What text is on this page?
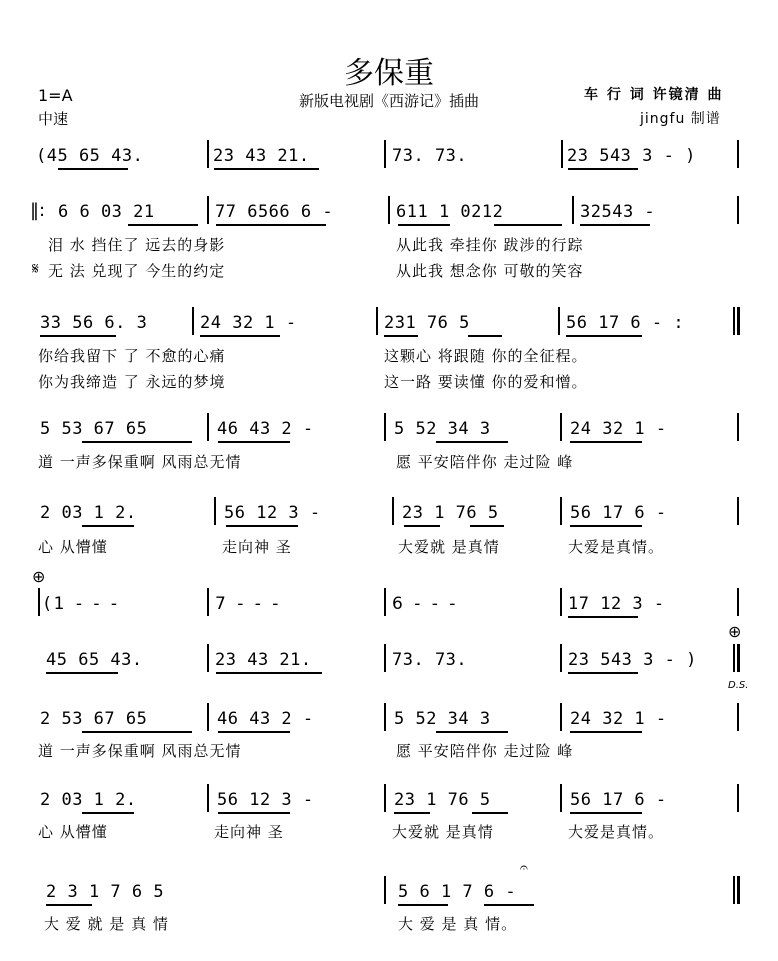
多保重
新版电视剧《西游记》插曲
1=A
中速
车 行 词 许镜清 曲
jingfu 制谱
(45 65 43.	23 43 21.	73. 73.	23 543 3 - )
‖: 6 6 03 21	77 6566 6 -	611 1 0212	32543 -
泪 水 挡住了 远去的身影	从此我 牵挂你 跋涉的行踪
𝄋 无 法 兑现了 今生的约定	从此我 想念你 可敬的笑容
33 56 6. 3	24 32 1 -	231 76 5	56 17 6 - :
你给我留下 了 不愈的心痛	这颗心 将跟随 你的全征程。
你为我缔造 了 永远的梦境	这一路 要读懂 你的爱和憎。
5 53 67 65	46 43 2 -	5 52 34 3	24 32 1 -
道 一声多保重啊 风雨总无情	愿 平安陪伴你 走过险 峰
2 03 1 2.	56 12 3 -	23 1 76 5	56 17 6 -
心 从懵懂	走向神 圣	大爱就 是真情	大爱是真情。
⊕
(1 - - -	7 - - -	6 - - -	17 12 3 -
⊕
45 65 43.	23 43 21.	73. 73.	23 543 3 - )
D.S.
2 53 67 65	46 43 2 -	5 52 34 3	24 32 1 -
道 一声多保重啊 风雨总无情	愿 平安陪伴你 走过险 峰
2 03 1 2.	56 12 3 -	23 1 76 5	56 17 6 -
心 从懵懂	走向神 圣	大爱就 是真情	大爱是真情。
2 3 1 7 6 5	5 6 1 7 6 -
𝄐
大 爱 就 是 真 情	大 爱 是 真 情。
